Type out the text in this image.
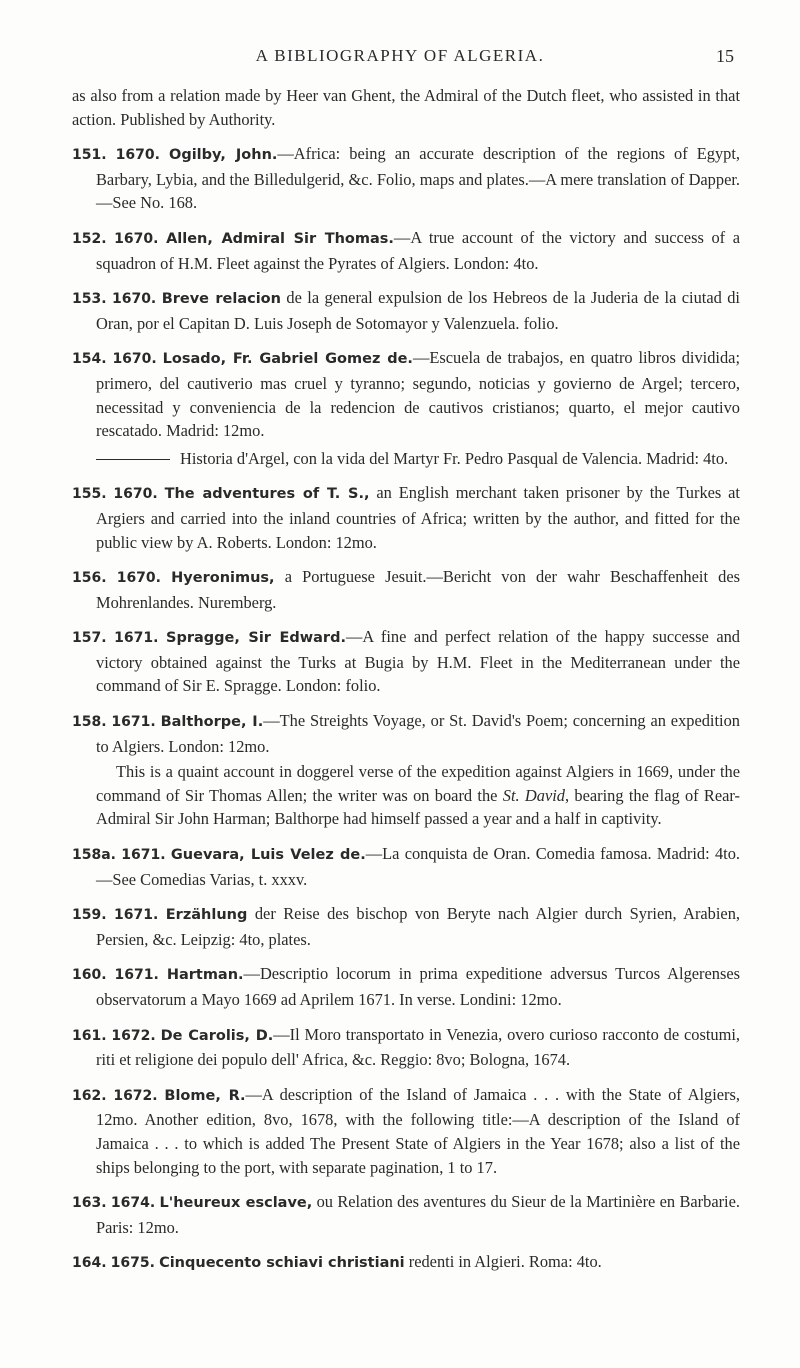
A BIBLIOGRAPHY OF ALGERIA.	15

as also from a relation made by Heer van Ghent, the Admiral of the Dutch fleet, who assisted in that action. Published by Authority.

151. 1670. Ogilby, John.—Africa: being an accurate description of the regions of Egypt, Barbary, Lybia, and the Billedulgerid, &c. Folio, maps and plates.—A mere translation of Dapper.—See No. 168.

152. 1670. Allen, Admiral Sir Thomas.—A true account of the victory and success of a squadron of H.M. Fleet against the Pyrates of Algiers. London: 4to.

153. 1670. Breve relacion de la general expulsion de los Hebreos de la Juderia de la ciutad di Oran, por el Capitan D. Luis Joseph de Sotomayor y Valenzuela. folio.

154. 1670. Losado, Fr. Gabriel Gomez de.—Escuela de trabajos, en quatro libros dividida; primero, del cautiverio mas cruel y tyranno; segundo, noticias y govierno de Argel; tercero, necessitad y conveniencia de la redencion de cautivos cristianos; quarto, el mejor cautivo rescatado. Madrid: 12mo.

Historia d'Argel, con la vida del Martyr Fr. Pedro Pasqual de Valencia. Madrid: 4to.

155. 1670. The adventures of T. S., an English merchant taken prisoner by the Turkes at Argiers and carried into the inland countries of Africa; written by the author, and fitted for the public view by A. Roberts. London: 12mo.

156. 1670. Hyeronimus, a Portuguese Jesuit.—Bericht von der wahr Beschaffenheit des Mohrenlandes. Nuremberg.

157. 1671. Spragge, Sir Edward.—A fine and perfect relation of the happy successe and victory obtained against the Turks at Bugia by H.M. Fleet in the Mediterranean under the command of Sir E. Spragge. London: folio.

158. 1671. Balthorpe, I.—The Streights Voyage, or St. David's Poem; concerning an expedition to Algiers. London: 12mo.

This is a quaint account in doggerel verse of the expedition against Algiers in 1669, under the command of Sir Thomas Allen; the writer was on board the St. David, bearing the flag of Rear-Admiral Sir John Harman; Balthorpe had himself passed a year and a half in captivity.

158a. 1671. Guevara, Luis Velez de.—La conquista de Oran. Comedia famosa. Madrid: 4to.—See Comedias Varias, t. xxxv.

159. 1671. Erzählung der Reise des bischop von Beryte nach Algier durch Syrien, Arabien, Persien, &c. Leipzig: 4to, plates.

160. 1671. Hartman.—Descriptio locorum in prima expeditione adversus Turcos Algerenses observatorum a Mayo 1669 ad Aprilem 1671. In verse. Londini: 12mo.

161. 1672. De Carolis, D.—Il Moro transportato in Venezia, overo curioso racconto de costumi, riti et religione dei populo dell' Africa, &c. Reggio: 8vo; Bologna, 1674.

162. 1672. Blome, R.—A description of the Island of Jamaica . . . with the State of Algiers, 12mo. Another edition, 8vo, 1678, with the following title:—A description of the Island of Jamaica . . . to which is added The Present State of Algiers in the Year 1678; also a list of the ships belonging to the port, with separate pagination, 1 to 17.

163. 1674. L'heureux esclave, ou Relation des aventures du Sieur de la Martinière en Barbarie. Paris: 12mo.

164. 1675. Cinquecento schiavi christiani redenti in Algieri. Roma: 4to.
